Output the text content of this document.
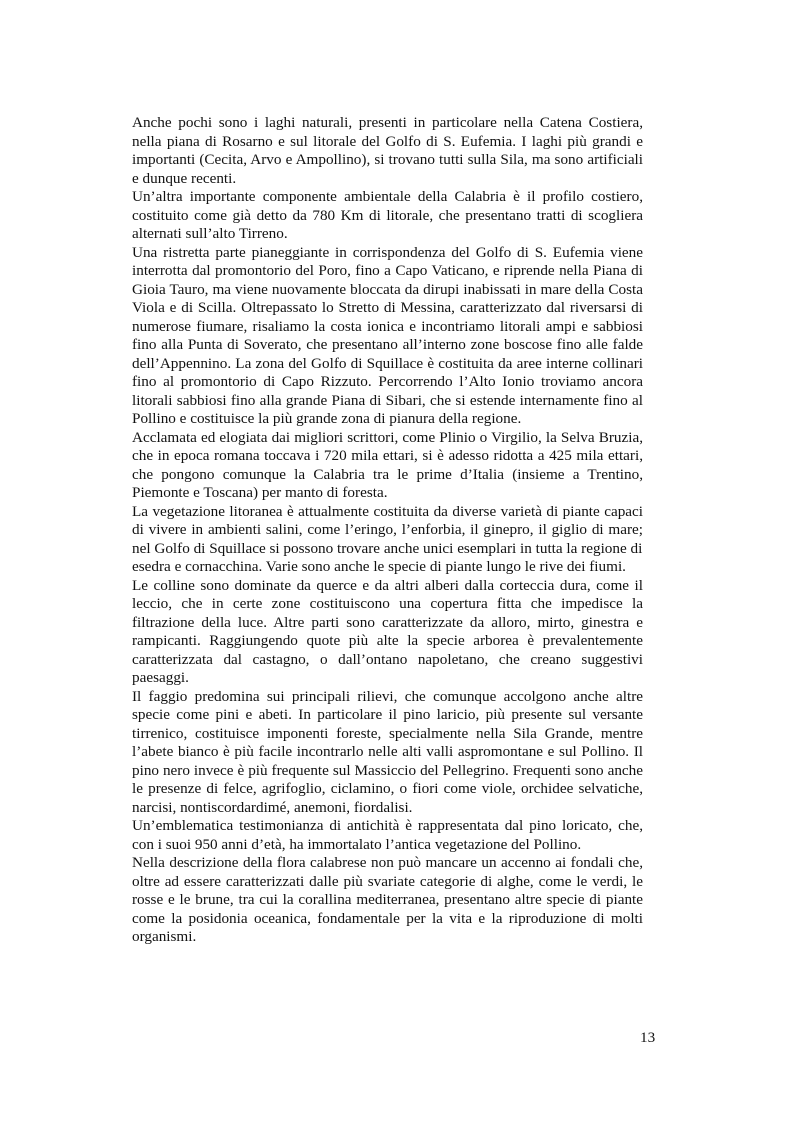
Anche pochi sono i laghi naturali, presenti in particolare nella Catena Costiera, nella piana di Rosarno e sul litorale del Golfo di S. Eufemia. I laghi più grandi e importanti (Cecita, Arvo e Ampollino), si trovano tutti sulla Sila, ma sono artificiali e dunque recenti.

Un’altra importante componente ambientale della Calabria è il profilo costiero, costituito come già detto da 780 Km di litorale, che presentano tratti di scogliera alternati sull’alto Tirreno.

Una ristretta parte pianeggiante in corrispondenza del Golfo di S. Eufemia viene interrotta dal promontorio del Poro, fino a Capo Vaticano, e riprende nella Piana di Gioia Tauro, ma viene nuovamente bloccata da dirupi inabissati in mare della Costa Viola e di Scilla. Oltrepassato lo Stretto di Messina, caratterizzato dal riversarsi di numerose fiumare, risaliamo la costa ionica e incontriamo litorali ampi e sabbiosi fino alla Punta di Soverato, che presentano all’interno zone boscose fino alle falde dell’Appennino. La zona del Golfo di Squillace è costituita da aree interne collinari fino al promontorio di Capo Rizzuto. Percorrendo l’Alto Ionio troviamo ancora litorali sabbiosi fino alla grande Piana di Sibari, che si estende internamente fino al Pollino e costituisce la più grande zona di pianura della regione.

Acclamata ed elogiata dai migliori scrittori, come Plinio o Virgilio, la Selva Bruzia, che in epoca romana toccava i 720 mila ettari, si è adesso ridotta a 425 mila ettari, che pongono comunque la Calabria tra le prime d’Italia (insieme a Trentino, Piemonte e Toscana) per manto di foresta.

La vegetazione litoranea è attualmente costituita da diverse varietà di piante capaci di vivere in ambienti salini, come l’eringo, l’enforbia, il ginepro, il giglio di mare; nel Golfo di Squillace si possono trovare anche unici esemplari in tutta la regione di

esedra e cornacchina. Varie sono anche le specie di piante lungo le rive dei fiumi.

Le colline sono dominate da querce e da altri alberi dalla corteccia dura, come il leccio, che in certe zone costituiscono una copertura fitta che impedisce la filtrazione della luce. Altre parti sono caratterizzate da alloro, mirto, ginestra e rampicanti. Raggiungendo quote più alte la specie arborea è prevalentemente caratterizzata dal castagno, o dall’ontano napoletano, che creano suggestivi paesaggi.

Il faggio predomina sui principali rilievi, che comunque accolgono anche altre specie come pini e abeti. In particolare il pino laricio, più presente sul versante tirrenico, costituisce imponenti foreste, specialmente nella Sila Grande, mentre l’abete bianco è più facile incontrarlo nelle alti valli aspromontane e sul Pollino. Il pino nero invece è più frequente sul Massiccio del Pellegrino. Frequenti sono anche le presenze di felce, agrifoglio, ciclamino, o fiori come viole, orchidee selvatiche, narcisi, nontiscordardimé, anemoni, fiordalisi.

Un’emblematica testimonianza di antichità è rappresentata dal pino loricato, che, con i suoi 950 anni d’età, ha immortalato l’antica vegetazione del Pollino.

Nella descrizione della flora calabrese non può mancare un accenno ai fondali che, oltre ad essere caratterizzati dalle più svariate categorie di alghe, come le verdi, le rosse e le brune, tra cui la corallina mediterranea, presentano altre specie di piante come la posidonia oceanica, fondamentale per la vita e la riproduzione di molti organismi.

13
